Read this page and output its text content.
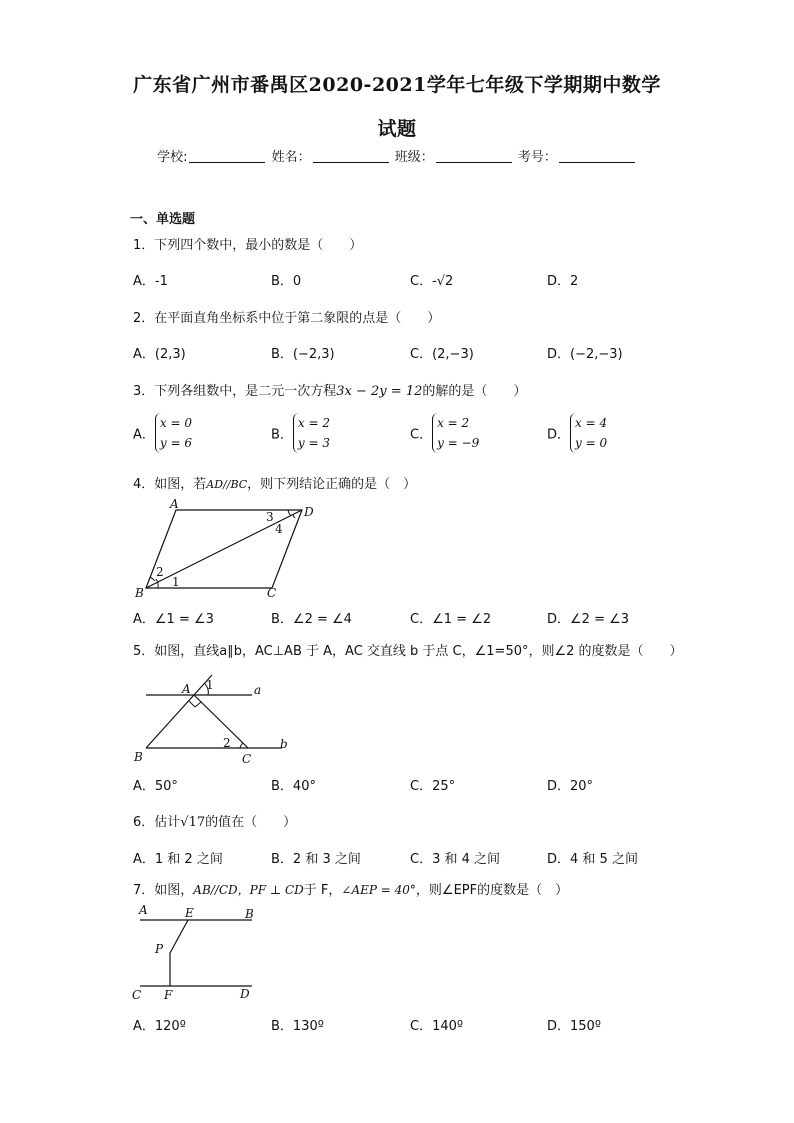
广东省广州市番禺区2020-2021学年七年级下学期期中数学
试题
学校:	姓名：	班级：	考号：
一、单选题
1．下列四个数中，最小的数是（　　）
A．-1	B．0	C．-√2	D．2
2．在平面直角坐标系中位于第二象限的点是（　　）
A．(2,3)	B．(−2,3)	C．(2,−3)	D．(−2,−3)
3．下列各组数中，是二元一次方程3x − 2y = 12的解的是（　　）
A．x = 0
y = 6
B．x = 2
y = 3
C．x = 2
y = −9
D．x = 4
y = 0
4．如图，若AD//BC，则下列结论正确的是（　）
A
D
B	C
1
2
3
4
A．∠1 = ∠3	B．∠2 = ∠4	C．∠1 = ∠2	D．∠2 = ∠3
5．如图，直线a∥b，AC⊥AB 于 A，AC 交直线 b 于点 C，∠1=50°，则∠2 的度数是（　　）
A
B	C
a
b
1
2
A．50°	B．40°	C．25°	D．20°
6．估计√17的值在（　　）
A．1 和 2 之间	B．2 和 3 之间	C．3 和 4 之间	D．4 和 5 之间
7．如图，AB//CD，PF ⊥ CD于 F，∠AEP = 40°，则∠EPF的度数是（　）
A	E	B
P
C F	D
A．120º	B．130º	C．140º	D．150º
